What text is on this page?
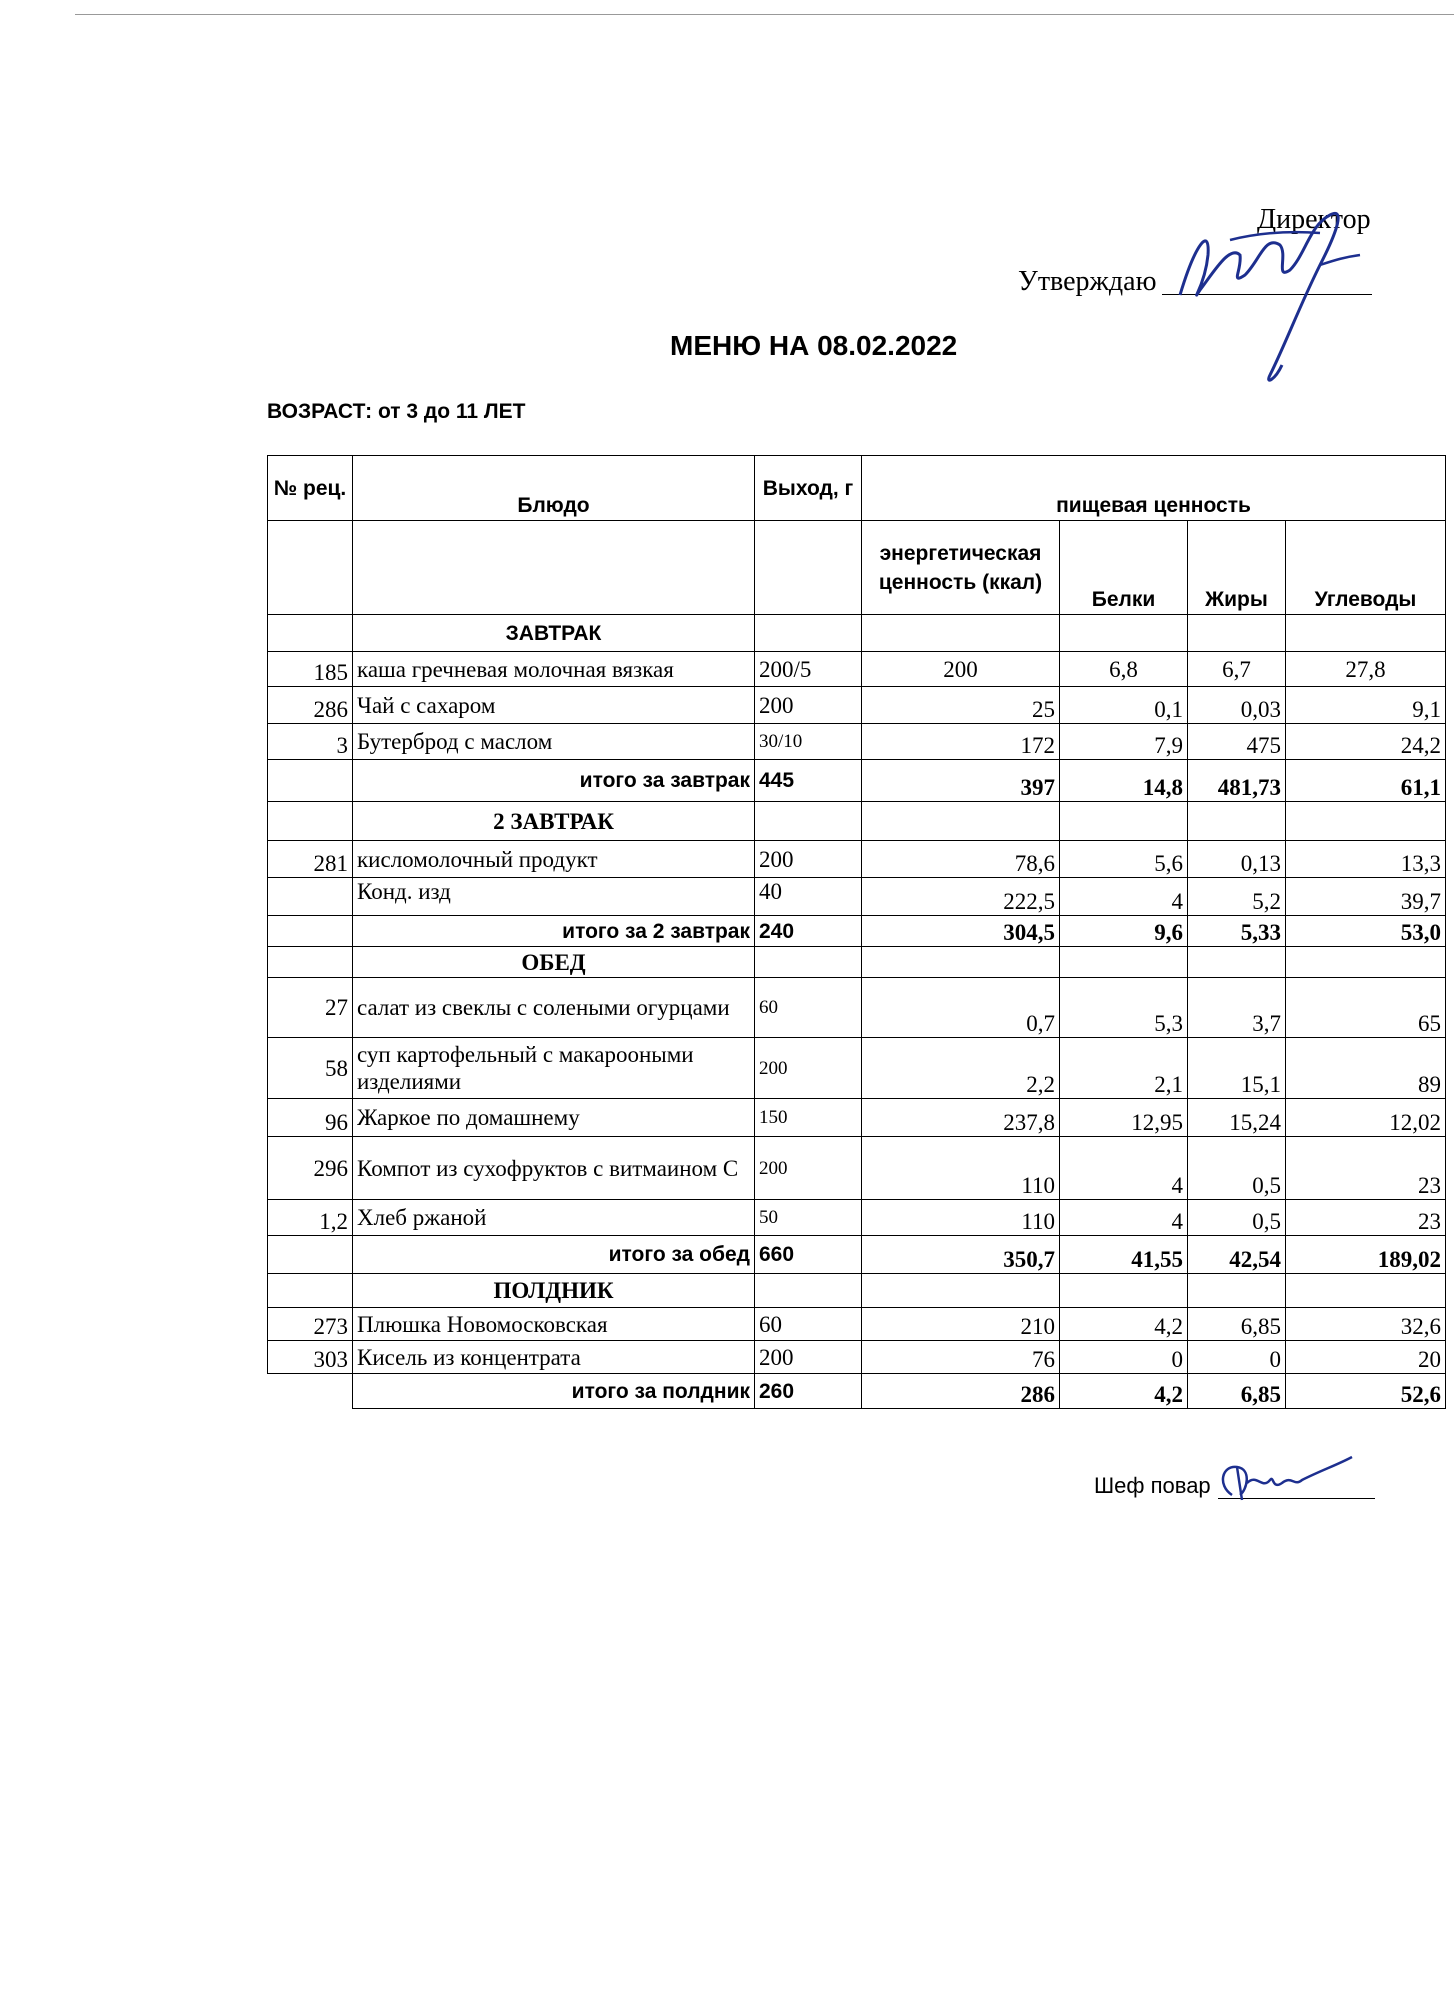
Директор
Утверждаю
МЕНЮ НА 08.02.2022
ВОЗРАСТ: от 3 до 11 ЛЕТ
№ рец.	Блюдо	Выход, г	пищевая ценность			
			энергетическая ценность (ккал)	Белки	Жиры	Углеводы
	ЗАВТРАК					
185	каша гречневая молочная вязкая	200/5	200	6,8	6,7	27,8
286	Чай с сахаром	200	25	0,1	0,03	9,1
3	Бутерброд с маслом	30/10	172	7,9	475	24,2
	итого за завтрак	445	397	14,8	481,73	61,1
	2 ЗАВТРАК					
281	кисломолочный продукт	200	78,6	5,6	0,13	13,3
	Конд. изд	40	222,5	4	5,2	39,7
	итого за 2 завтрак	240	304,5	9,6	5,33	53,0
	ОБЕД					
27	салат из свеклы с солеными огурцами	60	0,7	5,3	3,7	65
58	суп картофельный с макарооными изделиями	200	2,2	2,1	15,1	89
96	Жаркое по домашнему	150	237,8	12,95	15,24	12,02
296	Компот из сухофруктов с витмаином С	200	110	4	0,5	23
1,2	Хлеб ржаной	50	110	4	0,5	23
	итого за обед	660	350,7	41,55	42,54	189,02
	ПОЛДНИК					
273	Плюшка Новомосковская	60	210	4,2	6,85	32,6
303	Кисель из концентрата	200	76	0	0	20
	итого за полдник	260	286	4,2	6,85	52,6
Шеф повар
